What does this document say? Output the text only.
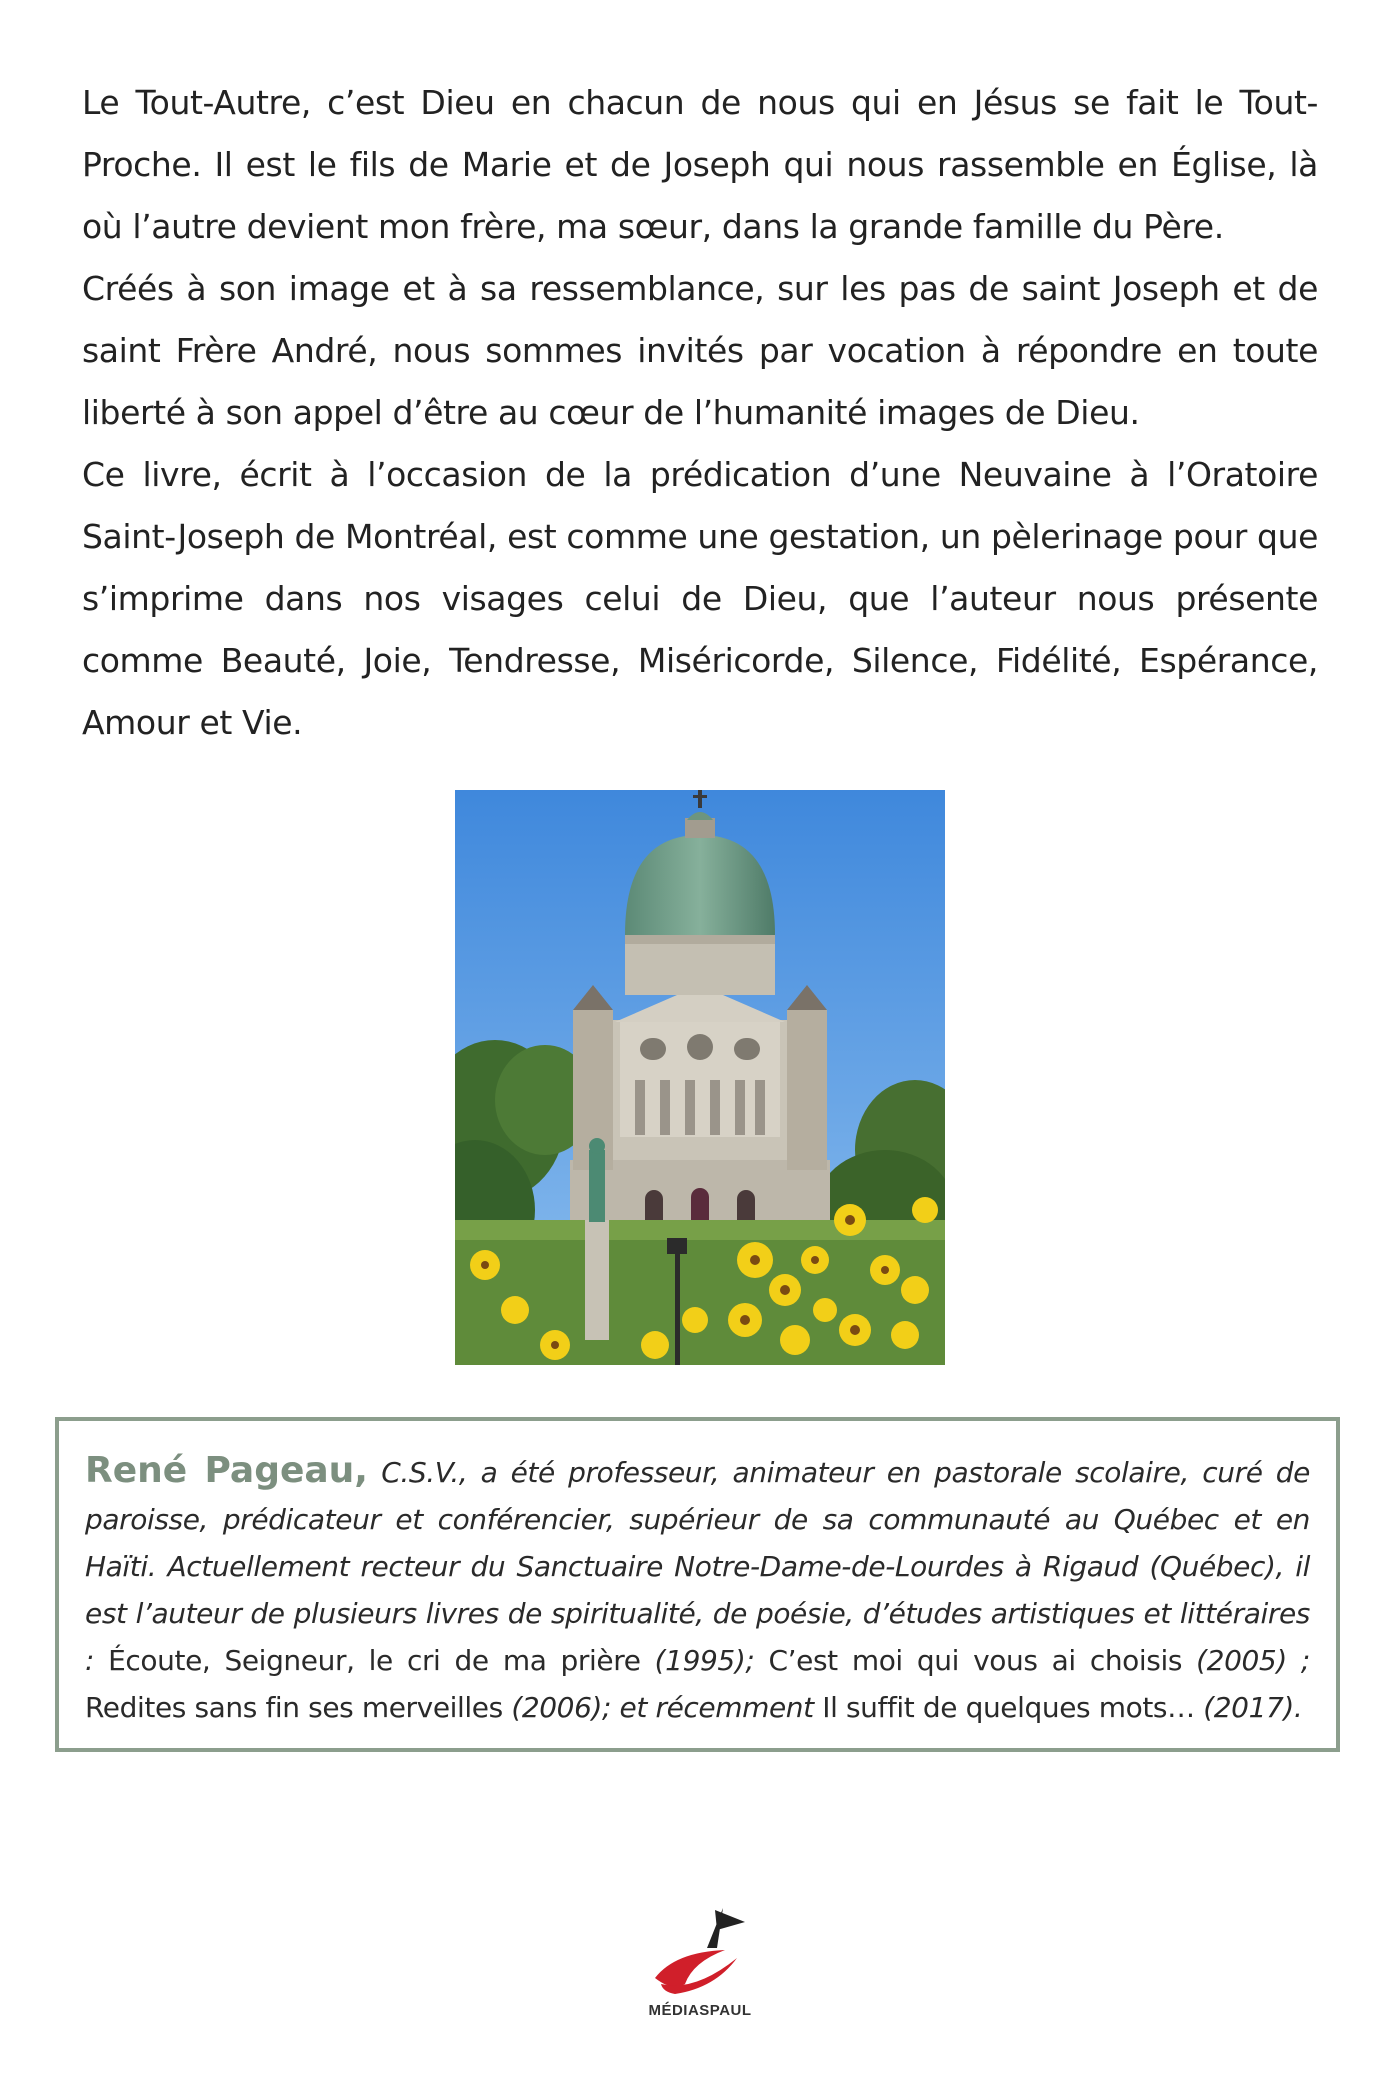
Le Tout-Autre, c’est Dieu en chacun de nous qui en Jésus se fait le Tout-Proche. Il est le fils de Marie et de Joseph qui nous rassemble en Église, là où l’autre devient mon frère, ma sœur, dans la grande famille du Père.

Créés à son image et à sa ressemblance, sur les pas de saint Joseph et de saint Frère André, nous sommes invités par vocation à répondre en toute liberté à son appel d’être au cœur de l’humanité images de Dieu.

Ce livre, écrit à l’occasion de la prédication d’une Neuvaine à l’Oratoire Saint-Joseph de Montréal, est comme une gestation, un pèlerinage pour que s’imprime dans nos visages celui de Dieu, que l’auteur nous présente comme Beauté, Joie, Tendresse, Miséricorde, Silence, Fidélité, Espérance, Amour et Vie.

René Pageau, C.S.V., a été professeur, animateur en pastorale scolaire, curé de paroisse, prédicateur et conférencier, supérieur de sa communauté au Québec et en Haïti. Actuellement recteur du Sanctuaire Notre-Dame-de-Lourdes à Rigaud (Québec), il est l’auteur de plusieurs livres de spiritualité, de poésie, d’études artistiques et littéraires : Écoute, Seigneur, le cri de ma prière (1995); C’est moi qui vous ai choisis (2005) ; Redites sans fin ses merveilles (2006); et récemment Il suffit de quelques mots… (2017).
MÉDIASPAUL
